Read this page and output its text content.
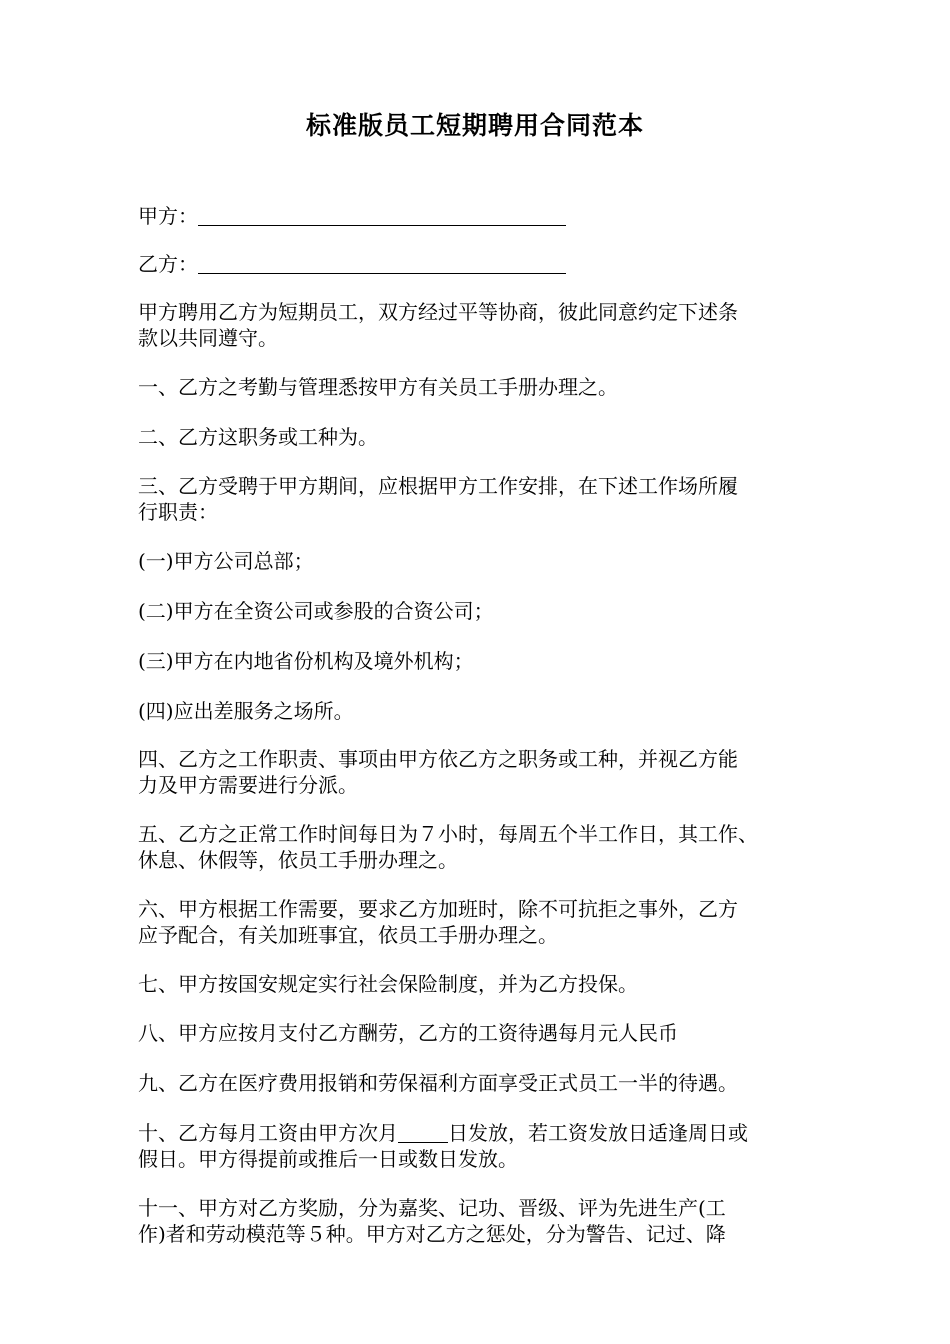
标准版员工短期聘用合同范本
甲方：
乙方：
甲方聘用乙方为短期员工，双方经过平等协商，彼此同意约定下述条
款以共同遵守。
一、乙方之考勤与管理悉按甲方有关员工手册办理之。
二、乙方这职务或工种为。
三、乙方受聘于甲方期间，应根据甲方工作安排，在下述工作场所履
行职责：
(一)甲方公司总部；
(二)甲方在全资公司或参股的合资公司；
(三)甲方在内地省份机构及境外机构；
(四)应出差服务之场所。
四、乙方之工作职责、事项由甲方依乙方之职务或工种，并视乙方能
力及甲方需要进行分派。
五、乙方之正常工作时间每日为７小时，每周五个半工作日，其工作、
休息、休假等，依员工手册办理之。
六、甲方根据工作需要，要求乙方加班时，除不可抗拒之事外，乙方
应予配合，有关加班事宜，依员工手册办理之。
七、甲方按国安规定实行社会保险制度，并为乙方投保。
八、甲方应按月支付乙方酬劳，乙方的工资待遇每月元人民币
九、乙方在医疗费用报销和劳保福利方面享受正式员工一半的待遇。
十、乙方每月工资由甲方次月	日发放，若工资发放日适逢周日或
假日。甲方得提前或推后一日或数日发放。
十一、甲方对乙方奖励，分为嘉奖、记功、晋级、评为先进生产(工
作)者和劳动模范等５种。甲方对乙方之惩处，分为警告、记过、降
